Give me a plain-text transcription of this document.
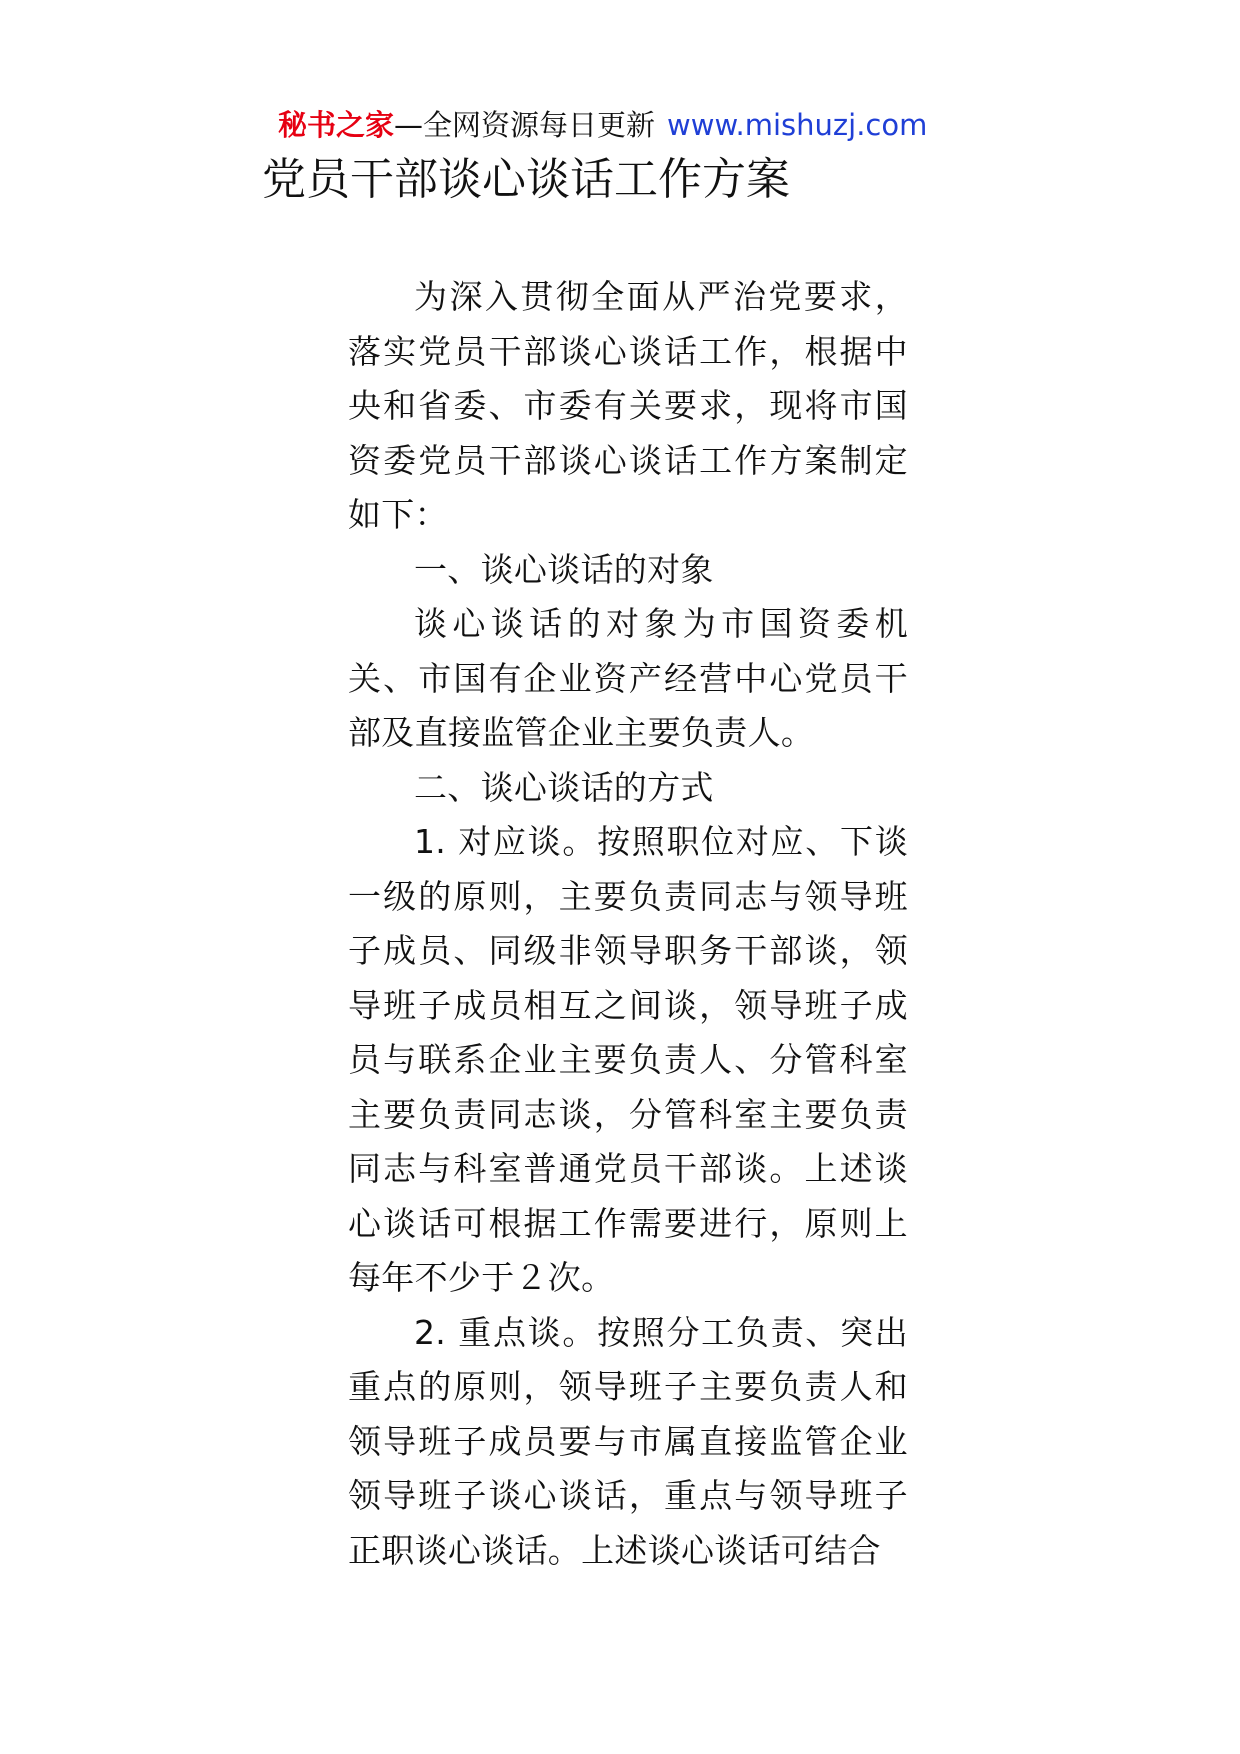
秘书之家—全网资源每日更新 www.mishuzj.com
党员干部谈心谈话工作方案

为深入贯彻全面从严治党要求，落实党员干部谈心谈话工作，根据中央和省委、市委有关要求，现将市国资委党员干部谈心谈话工作方案制定如下：

一、谈心谈话的对象

谈心谈话的对象为市国资委机关、市国有企业资产经营中心党员干部及直接监管企业主要负责人。

二、谈心谈话的方式

1. 对应谈。按照职位对应、下谈一级的原则，主要负责同志与领导班子成员、同级非领导职务干部谈，领导班子成员相互之间谈，领导班子成员与联系企业主要负责人、分管科室主要负责同志谈，分管科室主要负责同志与科室普通党员干部谈。上述谈心谈话可根据工作需要进行，原则上每年不少于２次。

2. 重点谈。按照分工负责、突出重点的原则，领导班子主要负责人和领导班子成员要与市属直接监管企业领导班子谈心谈话，重点与领导班子正职谈心谈话。上述谈心谈话可结合
